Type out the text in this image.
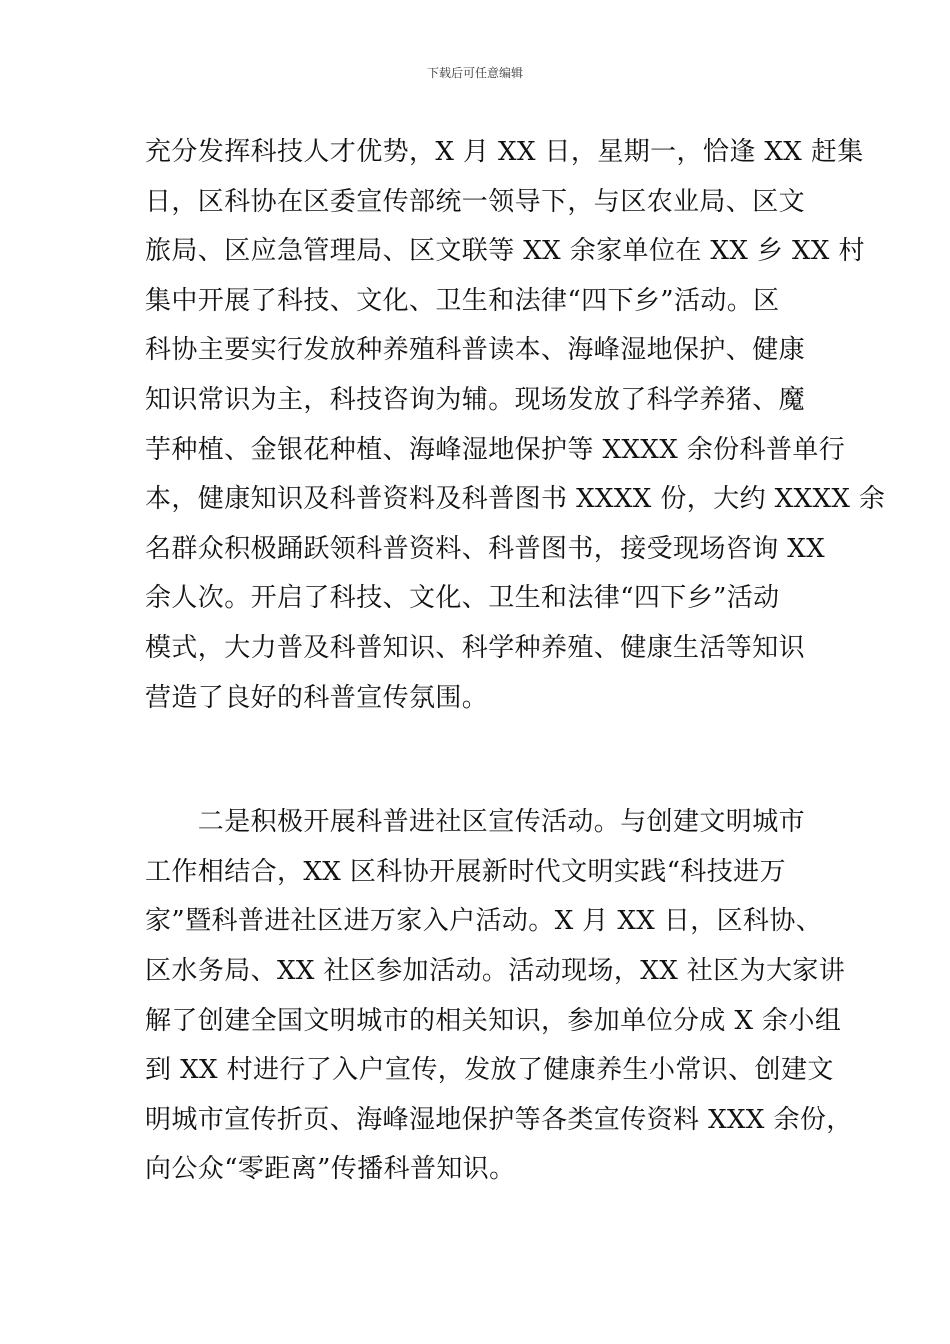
下载后可任意编辑
充分发挥科技人才优势，X 月 XX 日，星期一，恰逢 XX 赶集
日，区科协在区委宣传部统一领导下，与区农业局、区文
旅局、区应急管理局、区文联等 XX 余家单位在 XX 乡 XX 村
集中开展了科技、文化、卫生和法律“四下乡”活动。区
科协主要实行发放种养殖科普读本、海峰湿地保护、健康
知识常识为主，科技咨询为辅。现场发放了科学养猪、魔
芋种植、金银花种植、海峰湿地保护等 XXXX 余份科普单行
本，健康知识及科普资料及科普图书 XXXX 份，大约 XXXX 余
名群众积极踊跃领科普资料、科普图书，接受现场咨询 XX
余人次。开启了科技、文化、卫生和法律“四下乡”活动
模式，大力普及科普知识、科学种养殖、健康生活等知识
营造了良好的科普宣传氛围。
　　二是积极开展科普进社区宣传活动。与创建文明城市
工作相结合，XX 区科协开展新时代文明实践“科技进万
家”暨科普进社区进万家入户活动。X 月 XX 日，区科协、
区水务局、XX 社区参加活动。活动现场，XX 社区为大家讲
解了创建全国文明城市的相关知识，参加单位分成 X 余小组
到 XX 村进行了入户宣传，发放了健康养生小常识、创建文
明城市宣传折页、海峰湿地保护等各类宣传资料 XXX 余份，
向公众“零距离”传播科普知识。
